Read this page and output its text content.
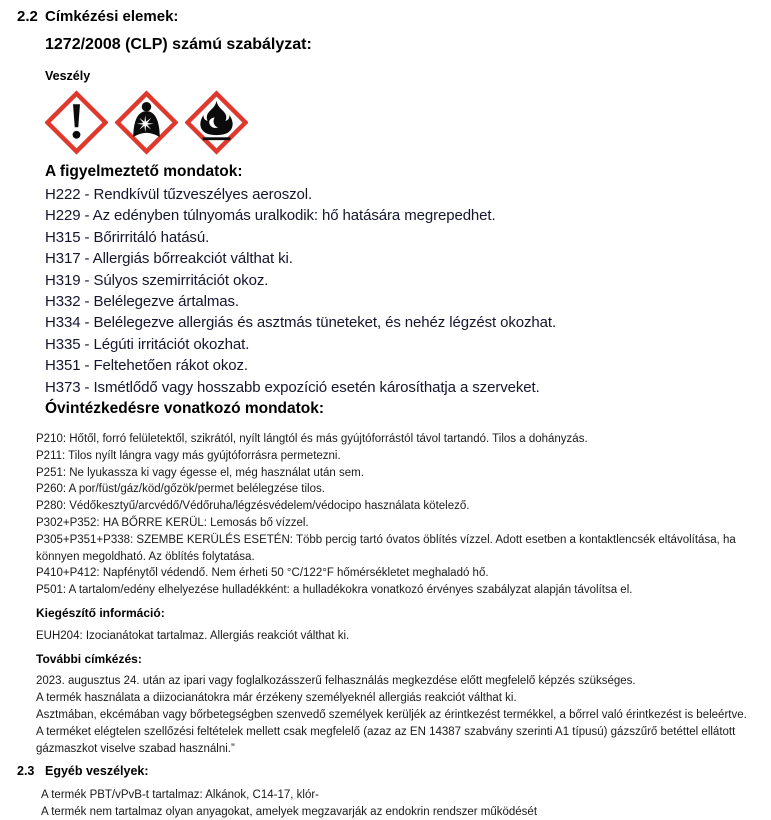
2.2 Címkézési elemek:
1272/2008 (CLP) számú szabályzat:
Veszély
A figyelmeztető mondatok:
H222 - Rendkívül tűzveszélyes aeroszol.
H229 - Az edényben túlnyomás uralkodik: hő hatására megrepedhet.
H315 - Bőrirritáló hatású.
H317 - Allergiás bőrreakciót válthat ki.
H319 - Súlyos szemirritációt okoz.
H332 - Belélegezve ártalmas.
H334 - Belélegezve allergiás és asztmás tüneteket, és nehéz légzést okozhat.
H335 - Légúti irritációt okozhat.
H351 - Feltehetően rákot okoz.
H373 - Ismétlődő vagy hosszabb expozíció esetén károsíthatja a szerveket.
Óvintézkedésre vonatkozó mondatok:
P210: Hőtől, forró felületektől, szikrától, nyílt lángtól és más gyújtóforrástól távol tartandó. Tilos a dohányzás.
P211: Tilos nyílt lángra vagy más gyújtóforrásra permetezni.
P251: Ne lyukassza ki vagy égesse el, még használat után sem.
P260: A por/füst/gáz/köd/gőzök/permet belélegzése tilos.
P280: Védőkesztyű/arcvédő/Védőruha/légzésvédelem/védocipo használata kötelező.
P302+P352: HA BŐRRE KERÜL: Lemosás bő vízzel.
P305+P351+P338: SZEMBE KERÜLÉS ESETÉN: Több percig tartó óvatos öblítés vízzel. Adott esetben a kontaktlencsék eltávolítása, ha könnyen megoldható. Az öblítés folytatása.
P410+P412: Napfénytől védendő. Nem érheti 50 °C/122°F hőmérsékletet meghaladó hő.
P501: A tartalom/edény elhelyezése hulladékként: a hulladékokra vonatkozó érvényes szabályzat alapján távolítsa el.
Kiegészítő információ:
EUH204: Izocianátokat tartalmaz. Allergiás reakciót válthat ki.
További címkézés:

2023. augusztus 24. után az ipari vagy foglalkozásszerű felhasználás megkezdése előtt megfelelő képzés szükséges.

A termék használata a diizocianátokra már érzékeny személyeknél allergiás reakciót válthat ki.

Asztmában, ekcémában vagy bőrbetegségben szenvedő személyek kerüljék az érintkezést termékkel, a bőrrel való érintkezést is beleértve.

A terméket elégtelen szellőzési feltételek mellett csak megfelelő (azaz az EN 14387 szabvány szerinti A1 típusú) gázszűrő betéttel ellátott gázmaszkot viselve szabad használni.”

2.3 Egyéb veszélyek:
A termék PBT/vPvB-t tartalmaz: Alkánok, C14-17, klór-
A termék nem tartalmaz olyan anyagokat, amelyek megzavarják az endokrin rendszer működését
